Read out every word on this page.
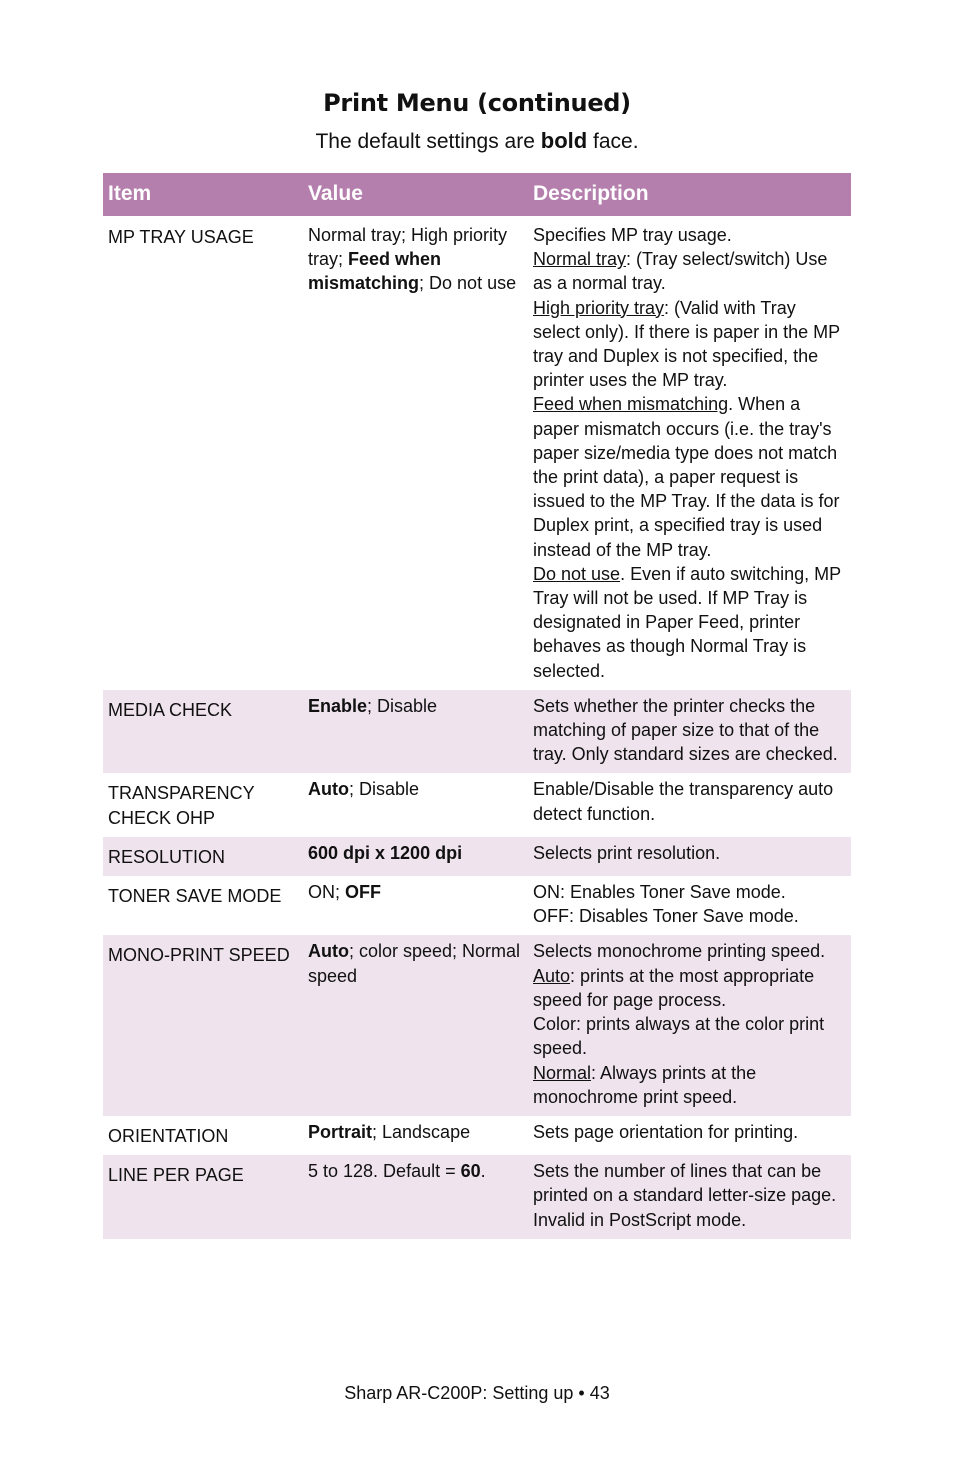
Print Menu (continued)
The default settings are bold face.
Item	Value	Description
MP TRAY USAGE	Normal tray; High priority tray; Feed when mismatching; Do not use	Specifies MP tray usage.
Normal tray: (Tray select/switch) Use as a normal tray.
High priority tray: (Valid with Tray select only). If there is paper in the MP tray and Duplex is not specified, the printer uses the MP tray.
Feed when mismatching. When a paper mismatch occurs (i.e. the tray's paper size/media type does not match the print data), a paper request is issued to the MP Tray. If the data is for Duplex print, a specified tray is used instead of the MP tray.
Do not use. Even if auto switching, MP Tray will not be used. If MP Tray is designated in Paper Feed, printer behaves as though Normal Tray is selected.

MEDIA CHECK	Enable; Disable	Sets whether the printer checks the matching of paper size to that of the tray. Only standard sizes are checked.

TRANSPARENCY CHECK OHP	Auto; Disable	Enable/Disable the transparency auto detect function.

RESOLUTION	600 dpi x 1200 dpi	Selects print resolution.

TONER SAVE MODE	ON; OFF	ON: Enables Toner Save mode.
OFF: Disables Toner Save mode.

MONO-PRINT SPEED	Auto; color speed; Normal speed	Selects monochrome printing speed.
Auto: prints at the most appropriate speed for page process.
Color: prints always at the color print speed.
Normal: Always prints at the monochrome print speed.

ORIENTATION	Portrait; Landscape	Sets page orientation for printing.

LINE PER PAGE	5 to 128. Default = 60.	Sets the number of lines that can be printed on a standard letter-size page. Invalid in PostScript mode.
Sharp AR-C200P: Setting up • 43
